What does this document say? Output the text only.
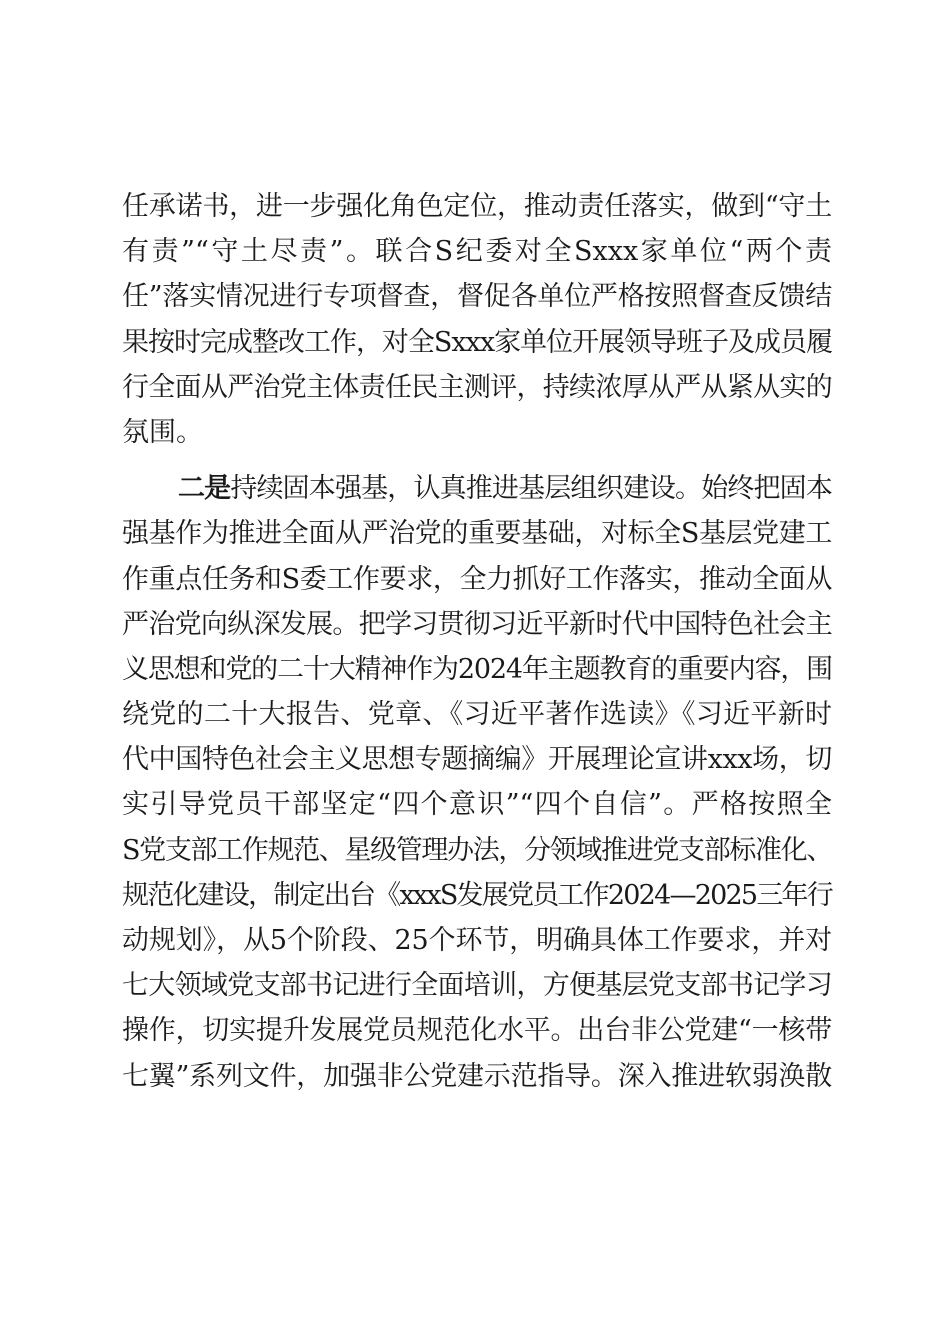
任承诺书，进一步强化角色定位，推动责任落实，做到“守土
有责”“守土尽责”。联合S纪委对全Sxxx家单位“两个责
任”落实情况进行专项督查，督促各单位严格按照督查反馈结
果按时完成整改工作，对全Sxxx家单位开展领导班子及成员履
行全面从严治党主体责任民主测评，持续浓厚从严从紧从实的
氛围。
二是持续固本强基，认真推进基层组织建设。始终把固本
强基作为推进全面从严治党的重要基础，对标全S基层党建工
作重点任务和S委工作要求，全力抓好工作落实，推动全面从
严治党向纵深发展。把学习贯彻习近平新时代中国特色社会主
义思想和党的二十大精神作为2024年主题教育的重要内容，围
绕党的二十大报告、党章、《习近平著作选读》《习近平新时
代中国特色社会主义思想专题摘编》开展理论宣讲xxx场，切
实引导党员干部坚定“四个意识”“四个自信”。严格按照全
S党支部工作规范、星级管理办法，分领域推进党支部标准化、
规范化建设，制定出台《xxxS发展党员工作2024—2025三年行
动规划》，从5个阶段、25个环节，明确具体工作要求，并对
七大领域党支部书记进行全面培训，方便基层党支部书记学习
操作，切实提升发展党员规范化水平。出台非公党建“一核带
七翼”系列文件，加强非公党建示范指导。深入推进软弱涣散
